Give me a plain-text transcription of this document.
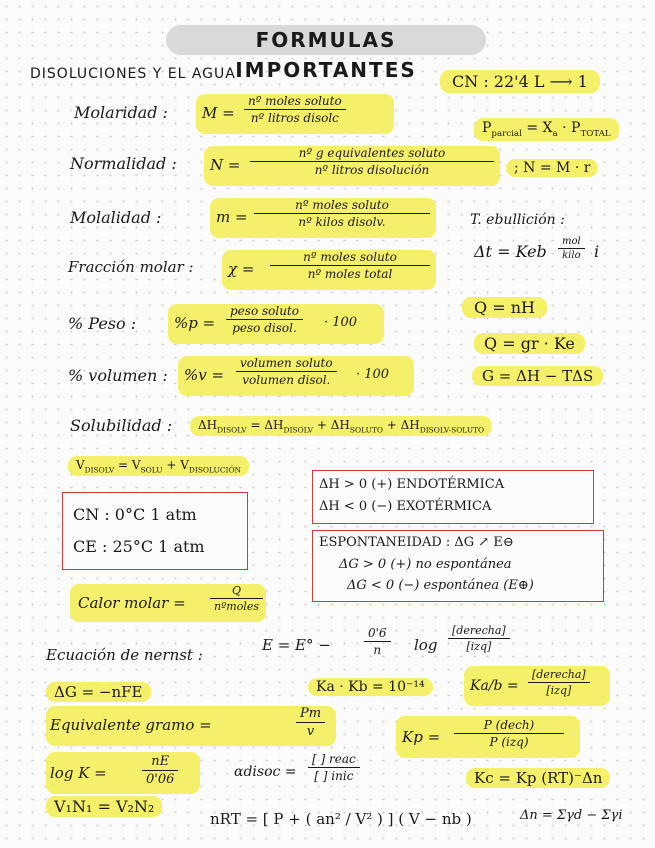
FORMULAS IMPORTANTES
DISOLUCIONES Y EL AGUA	CN : 22'4 L ⟶ 1
Molaridad : M =
nº moles soluto
nº litros disolc
$P_{parcial} = X_a \cdot P_{TOTAL}$
Normalidad : N =
nº g equivalentes soluto
nº litros disolución	; N = M · r
Molalidad :	m =
nº moles soluto
nº kilos disolv.	T. ebullición :
Δt = Keb
mol
kilo i
Fracción molar : χ =
nº moles soluto
nº moles total
Q = nH
% Peso :	%p =
peso soluto
peso disol.	· 100
Q = gr · Ke
% volumen : %v =
volumen soluto
volumen disol.	· 100	G = ΔH − TΔS
Solubilidad :	$\Delta H_{DISOLV} = \Delta H_{DISOLV} + \Delta H_{SOLUTO} + \Delta H_{DISOLV-SOLUTO}$
$V_{DISOLV} = V_{SOLU} + V_{DISOLUCIÓN}$
CN : 0°C 1 atm
CE : 25°C 1 atm
ΔH > 0 (+) ENDOTÉRMICA
ΔH < 0 (−) EXOTÉRMICA
ESPONTANEIDAD : ΔG ↗ E⊖
ΔG > 0 (+) no espontánea
ΔG < 0 (−) espontánea (E⊕)
Calor molar =
Q
nºmoles
Ecuación de nernst :
E = E° −	$\frac{0'6}{n}$ log
[derecha]
[izq]
ΔG = −nFE	Ka · Kb = 10⁻¹⁴	Ka/b =
[derecha]
[izq]
Equivalente gramo =	$\frac{Pm}{v}$	Kp =
P (dech)
P (izq)
log K =	$\frac{nE}{0'06}$	αdisoc =
[ ] reac
[ ] inic	Kc = Kp (RT)⁻Δn
V₁N₁ = V₂N₂
nRT = [ P + ( an² / V² ) ] ( V − nb )	Δn = Σγd − Σγi
